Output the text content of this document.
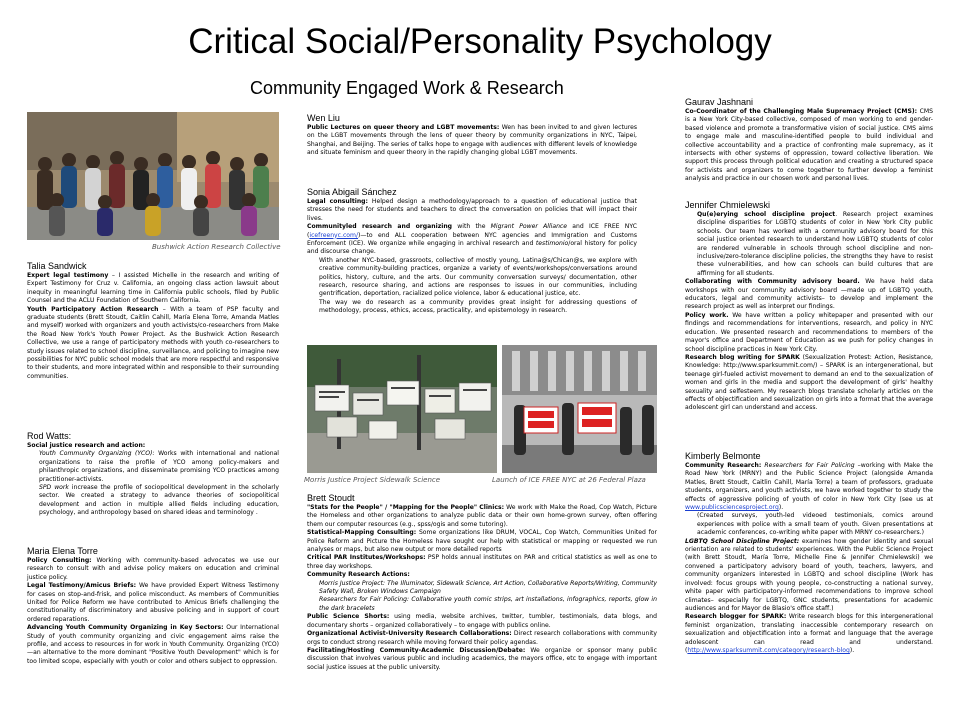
Critical Social/Personality Psychology
Community Engaged Work & Research
Bushwick Action Research Collective
Talia Sandwick

Expert legal testimony – I assisted Michelle in the research and writing of Expert Testimony for Cruz v. California, an ongoing class action lawsuit about inequity in meaningful learning time in California public schools, filed by Public Counsel and the ACLU Foundation of Southern California.

Youth Participatory Action Research – With a team of PSP faculty and graduate students (Brett Stoudt, Caitlin Cahill, María Elena Torre, Amanda Matles and myself) worked with organizers and youth activists/co-researchers from Make the Road New York's Youth Power Project. As the Bushwick Action Research Collective, we use a range of participatory methods with youth co-researchers to study issues related to school discipline, surveillance, and policing to imagine new possibilities for NYC public school models that are more respectful and responsive to their students, and more integrated within and responsible to their surrounding communities.

Rod Watts:

Social justice research and action:

Youth Community Organizing (YCO): Works with international and national organizations to raise the profile of YCO among policy-makers and philanthropic organizations, and disseminate promising YCO practices among practitioner-activists.

SPD work increase the profile of sociopolitical development in the scholarly sector. We created a strategy to advance theories of sociopolitical development and action in multiple allied fields including education, psychology, and anthropology based on shared ideas and terminology .

Maria Elena Torre

Policy Consulting: Working with community-based advocates we use our research to consult with and advise policy makers on education and criminal justice policy.

Legal Testimony/Amicus Briefs: We have provided Expert Witness Testimony for cases on stop-and-frisk, and police misconduct. As members of Communities United for Police Reform we have contributed to Amicus Briefs challenging the constitutionality of discriminatory and abusive policing and in support of court ordered reparations.

Advancing Youth Community Organizing in Key Sectors: Our International Study of youth community organizing and civic engagement aims raise the profile, and access to resources in for work in Youth Community. Organizing (YCO)—an alternative to the more dominant "Positive Youth Development" which is for too limited scope, especially with youth or color and others subject to oppression.

Wen Liu

Public Lectures on queer theory and LGBT movements: Wen has been invited to and given lectures on the LGBT movements through the lens of queer theory by community organizations in NYC, Taipei, Shanghai, and Beijing. The series of talks hope to engage with audiences with different levels of knowledge and situate feminism and queer theory in the rapidly changing global LGBT movements.

Sonia Abigail Sánchez

Legal consulting: Helped design a methodology/approach to a question of educational justice that stresses the need for students and teachers to direct the conversation on policies that will impact their lives.

Communityled research and organizing with the Migrant Power Alliance and ICE FREE NYC (icefreenyc.com/)—to end ALL cooperation between NYC agencies and Immigration and Customs Enforcement (ICE). We organize while engaging in archival research and testimonio/oral history for policy and discourse change.

With another NYC-based, grassroots, collective of mostly young, Latina@s/Chican@s, we explore with creative community-building practices, organize a variety of events/workshops/conversations around politics, history, culture, and the arts. Our community conversation surveys/ documentation, other research, resource sharing, and actions are responses to issues in our communities, including gentrification, deportation, racialized police violence, labor & educational justice, etc.

The way we do research as a community provides great insight for addressing questions of methodology, process, ethics, access, practicality, and epistemology in research.

Morris Justice Project Sidewalk Science	Launch of ICE FREE NYC at 26 Federal Plaza
Brett Stoudt

"Stats for the People" / "Mapping for the People" Clinics: We work with Make the Road, Cop Watch, Picture the Homeless and other organizations to analyze public data or their own home-grown survey, often offering them our computer resources (e.g., spss/ogis and some tutoring).

Statistical-Mapping Consulting: Some organizations like DRUM, VOCAL, Cop Watch, Communities United for Police Reform and Picture the Homeless have sought our help with statistical or mapping or requested we run analyses or maps, but also new output or more detailed reports

Critical PAR Institutes/Workshops: PSP holds annual institutes on PAR and critical statistics as well as one to three day workshops.

Community Research Actions:

Morris Justice Project: The Illuminator, Sidewalk Science, Art Action, Collaborative Reports/Writing, Community Safety Wall, Broken Windows Campaign

Researchers for Fair Policing: Collaborative youth comic strips, art installations, infographics, reports, glow in the dark bracelets

Public Science Shorts: using media, website archives, twitter, tumbler, testimonials, data blogs, and documentary shorts – organized collaboratively – to engage with publics online.

Organizational Activist-University Research Collaborations: Direct research collaborations with community orgs to conduct strong research while moving forward their policy agendas.

Facilitating/Hosting Community-Academic Discussion/Debate: We organize or sponsor many public discussion that involves various public and including academics, the mayors office, etc to engage with important social justice issues at the public university.

Gaurav Jashnani

Co-Coordinator of the Challenging Male Supremacy Project (CMS): CMS is a New York City-based collective, composed of men working to end gender-based violence and promote a transformative vision of social justice. CMS aims to engage male and masculine-identified people to build individual and collective accountability and a practice of confronting male supremacy, as it intersects with other systems of oppression, toward collective liberation. We support this process through political education and creating a structured space for activists and organizers to come together to further develop a feminist analysis and practice in our chosen work and personal lives.

Jennifer Chmielewski

Qu(e)erying school discipline project. Research project examines discipline disparities for LGBTQ students of color in New York City public schools. Our team has worked with a community advisory board for this social justice oriented research to understand how LGBTQ students of color are rendered vulnerable in schools through school discipline and non-inclusive/zero-tolerance discipline policies, the strengths they have to resist these vulnerabilities, and how can schools can build cultures that are affirming for all students.

Collaborating with Community advisory board. We have held data workshops with our community advisory board —made up of LGBTQ youth, educators, legal and community activists– to develop and implement the research project as well as interpret our findings.

Policy work. We have written a policy whitepaper and presented with our findings and recommendations for interventions, research, and policy in NYC education. We presented research and recommendations to members of the mayor's office and Department of Education as we push for policy changes in school discipline practices in New York City.

Research blog writing for SPARK (Sexualization Protest: Action, Resistance, Knowledge: http://www.sparksummit.com/) – SPARK is an intergenerational, but teenage girl-fueled activist movement to demand an end to the sexualization of women and girls in the media and support the development of girls' healthy sexuality and selfesteem. My research blogs translate scholarly articles on the effects of objectification and sexualization on girls into a format that the average adolescent girl can understand and access.

Kimberly Belmonte

Community Research: Researchers for Fair Policing –working with Make the Road New York (MRNY) and the Public Science Project (alongside Amanda Matles, Brett Stoudt, Caitlin Cahill, María Torre) a team of professors, graduate students, organizers, and youth activists, we have worked together to study the effects of aggressive policing of youth of color in New York City (see us at www.publicsciencesproject.org).

(Created surveys, youth-led videoed testimonials, comics around experiences with police with a small team of youth. Given presentations at academic conferences, co-writing white paper with MRNY co-researchers.)

LGBTQ School Discipline Project: examines how gender identity and sexual orientation are related to students' experiences. With the Public Science Project (with Brett Stoudt, María Torre, Michelle Fine & Jennifer Chmielewski) we convened a participatory advisory board of youth, teachers, lawyers, and community organizers interested in LGBTQ and school discipline (Work has involved: focus groups with young people, co-constructing a national survey, white paper with participatory-informed recommendations to improve school climates– especially for LGBTQ, GNC students, presentations for academic audiences and for Mayor de Blasio's office staff.)

Research blogger for SPARK: Write research blogs for this intergenerational feminist organization, translating inaccessible contemporary research on sexualization and objectification into a format and language that the average adolescent can read and understand. (http://www.sparksummit.com/category/research-blog).
